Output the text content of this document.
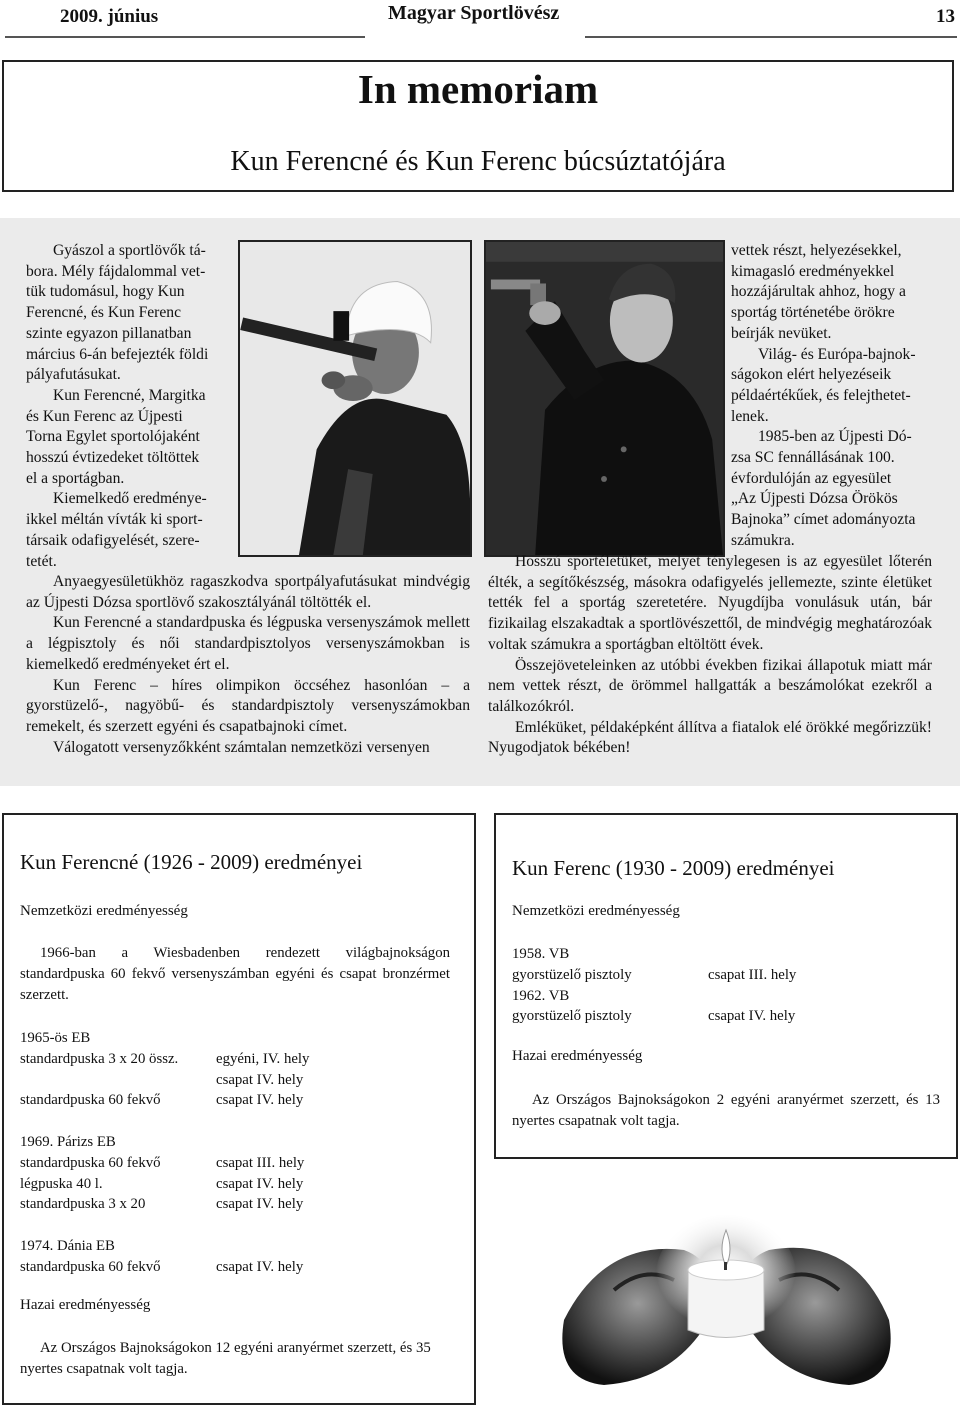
2009. június	Magyar Sportlövész	13
In memoriam
Kun Ferencné és Kun Ferenc búcsúztatójára

Gyászol a sportlövők tá-
bora. Mély fájdalommal vet-
tük tudomásul, hogy Kun
Ferencné, és Kun Ferenc
szinte egyazon pillanatban
március 6-án befejezték földi
pályafutásukat.

Kun Ferencné, Margitka
és Kun Ferenc az Újpesti
Torna Egylet sportolójaként
hosszú évtizedeket töltöttek
el a sportágban.

Kiemelkedő eredménye-
ikkel méltán vívták ki sport-
társaik odafigyelését, szere-
tetét.

Anyaegyesületükhöz ragaszkodva sportpályafutásukat mindvégig az Újpesti Dózsa sportlövő szakosztályánál töltötték el.

Kun Ferencné a standardpuska és légpuska versenyszámok mellett a légpisztoly és női standardpisztolyos versenyszámokban is kiemelkedő eredményeket ért el.

Kun Ferenc – híres olimpikon öccséhez hasonlóan – a gyorstüzelő-, nagyöbű- és standardpisztoly versenyszámokban remekelt, és szerzett egyéni és csapatbajnoki címet.

Válogatott versenyzőkként számtalan nemzetközi versenyen

vettek részt, helyezésekkel,
kimagasló eredményekkel
hozzájárultak ahhoz, hogy a
sportág történetébe örökre
beírják nevüket.

Világ- és Európa-bajnok-
ságokon elért helyezéseik
példaértékűek, és felejthetet-
lenek.

1985-ben az Újpesti Dó-
zsa SC fennállásának 100.
évfordulóján az egyesület
„Az Újpesti Dózsa Örökös
Bajnoka” címet adományozta
számukra.

Hosszú sportéletüket, melyet ténylegesen is az egyesület lőterén élték, a segítőkészség, másokra odafigyelés jellemezte, szinte életüket tették fel a sportág szeretetére. Nyugdíjba vonulásuk után, bár fizikailag elszakadtak a sportlövészettől, de mindvégig meghatározóak voltak számukra a sportágban eltöltött évek.

Összejöveteleinken az utóbbi években fizikai állapotuk miatt már nem vettek részt, de örömmel hallgatták a beszámolókat ezekről a találkozókról.

Emléküket, példaképként állítva a fiatalok elé örökké megőrizzük! Nyugodjatok békében!

Kun Ferencné (1926 - 2009) eredményei
Nemzetközi eredményesség
1966-ban a Wiesbadenben rendezett világbajnokságon standardpuska 60 fekvő versenyszámban egyéni és csapat bronzérmet szerzett.
1965-ös EB
standardpuska 3 x 20 össz.	egyéni, IV. hely
csapat IV. hely
standardpuska 60 fekvő	csapat IV. hely
1969. Párizs EB
standardpuska 60 fekvő	csapat III. hely
légpuska 40 l.	csapat IV. hely
standardpuska 3 x 20	csapat IV. hely
1974. Dánia EB
standardpuska 60 fekvő	csapat IV. hely
Hazai eredményesség
Az Országos Bajnokságokon 12 egyéni aranyérmet szerzett, és 35 nyertes csapatnak volt tagja.
Kun Ferenc (1930 - 2009) eredményei
Nemzetközi eredményesség
1958. VB
gyorstüzelő pisztoly	csapat III. hely
1962. VB
gyorstüzelő pisztoly	csapat IV. hely
Hazai eredményesség
Az Országos Bajnokságokon 2 egyéni aranyérmet szerzett, és 13 nyertes csapatnak volt tagja.
